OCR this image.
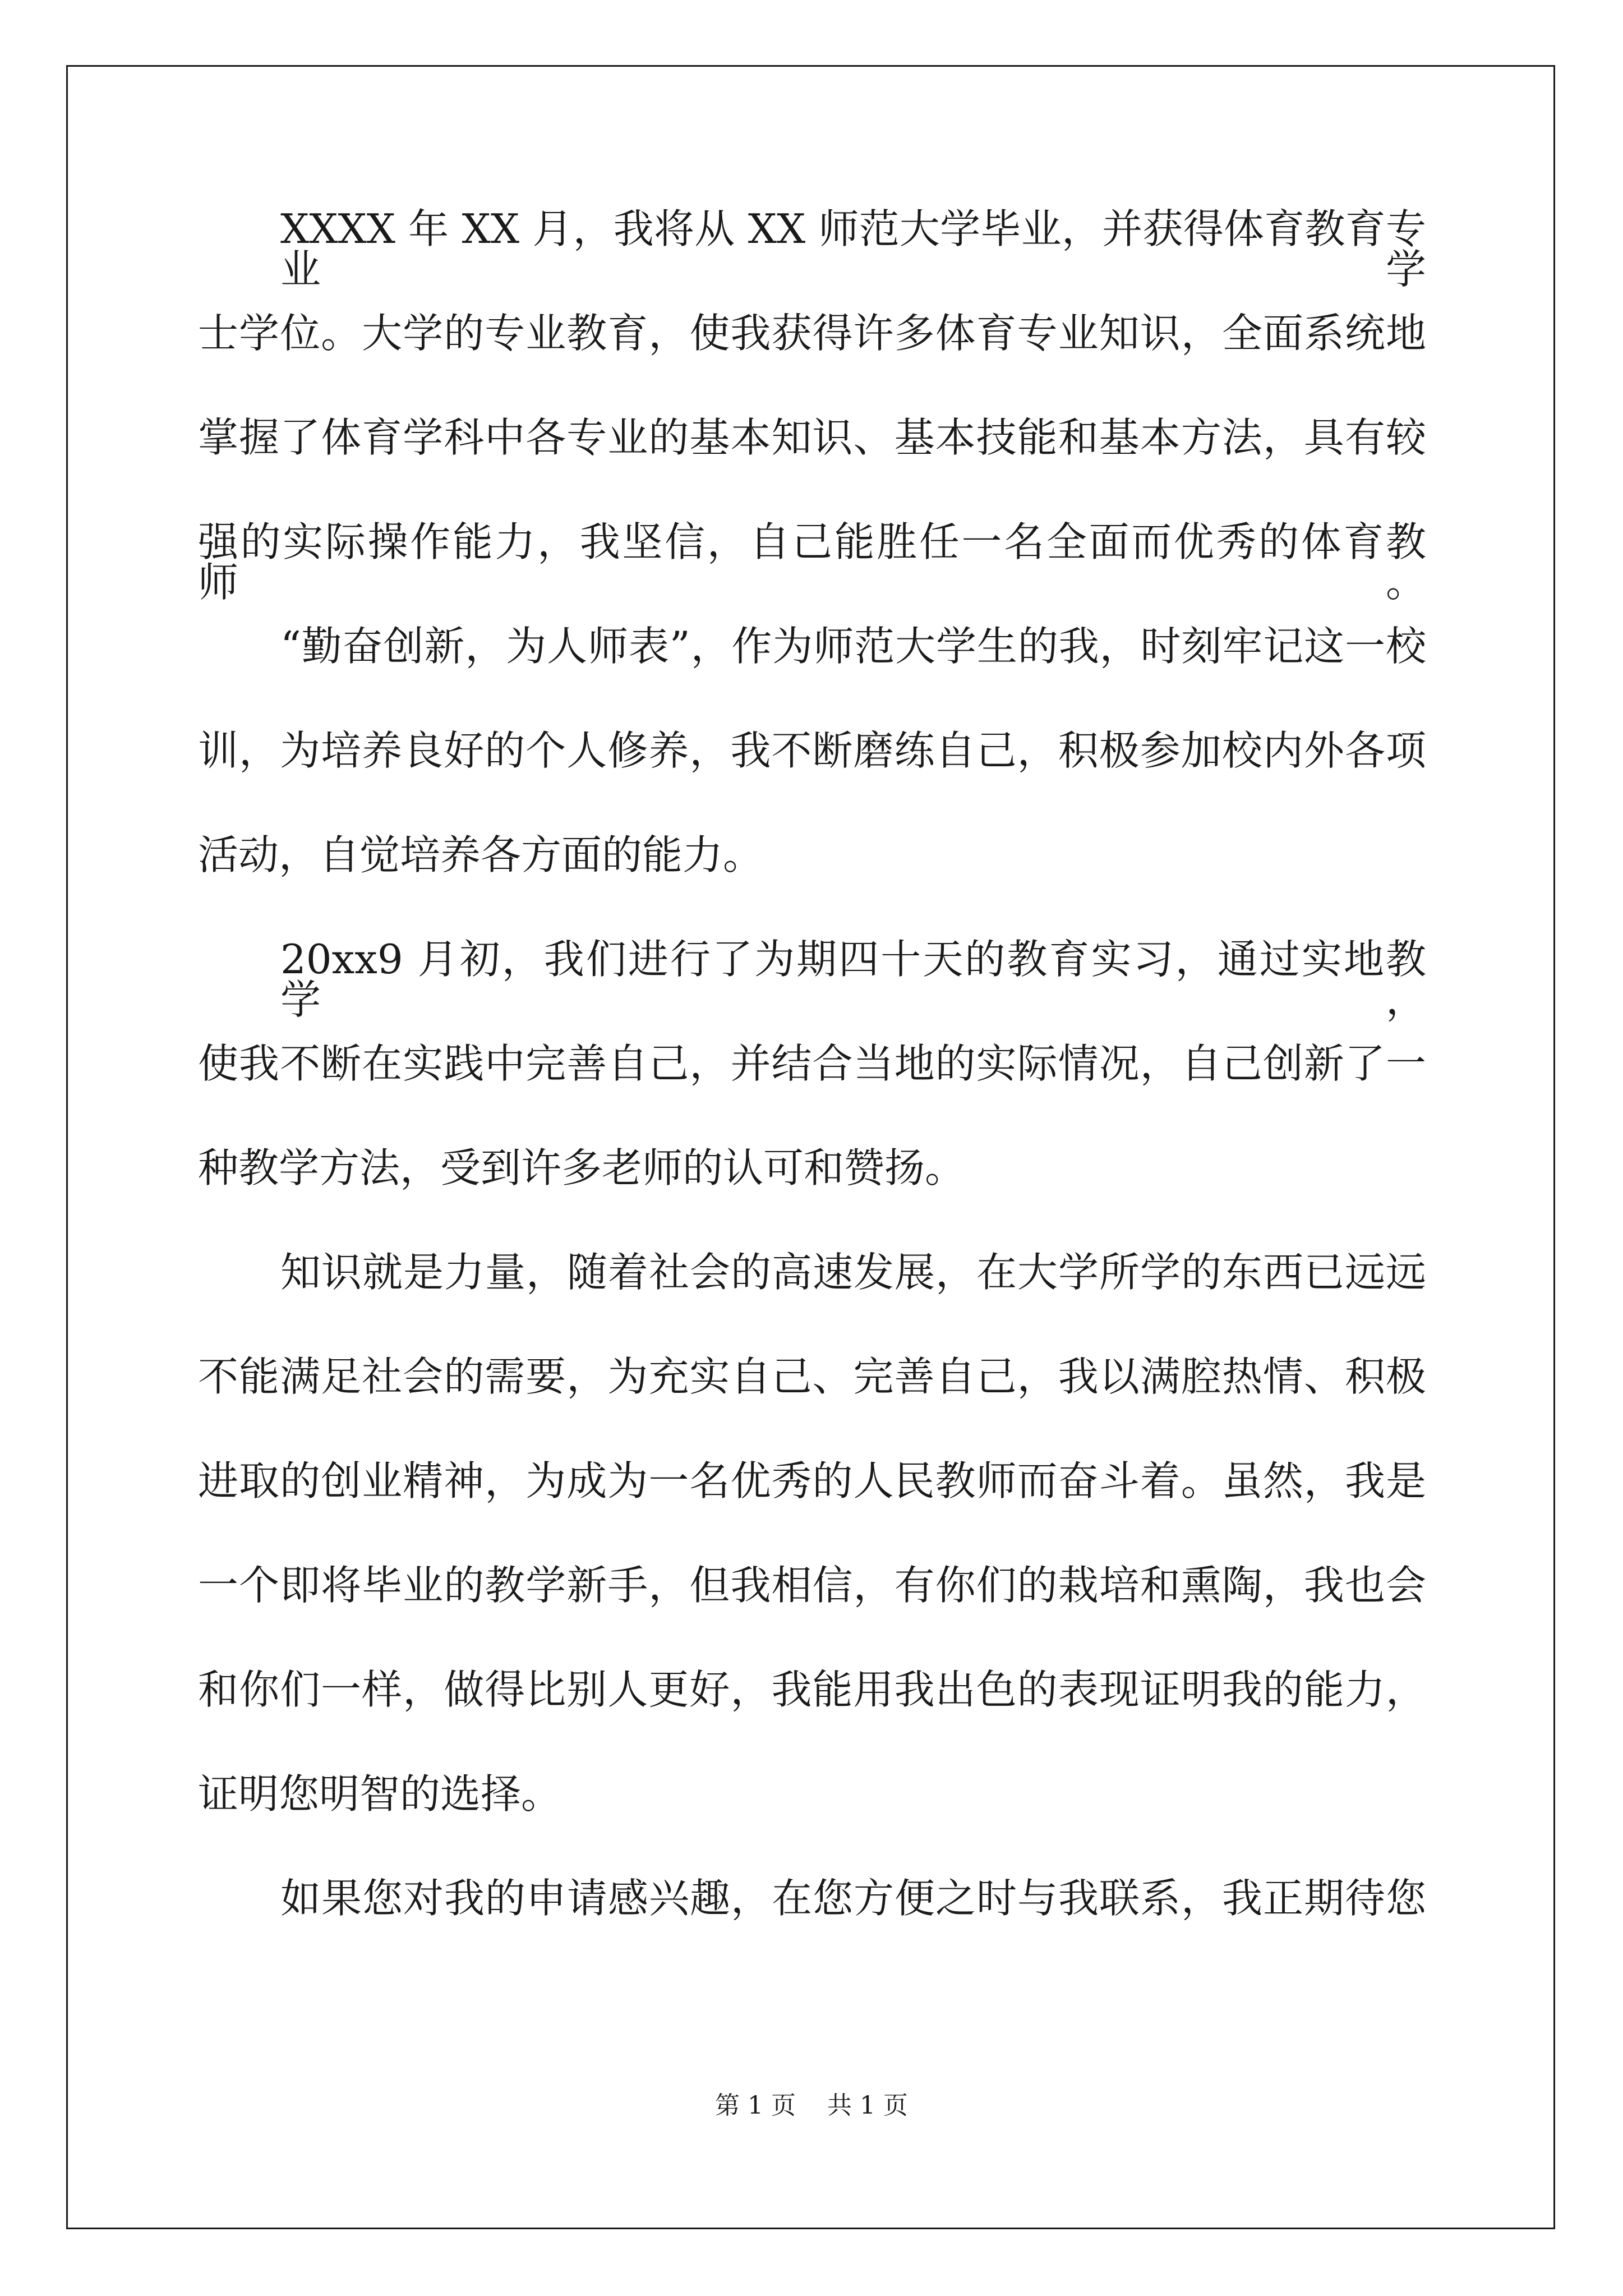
XXXX 年 XX 月，我将从 XX 师范大学毕业，并获得体育教育专业学
士学位。大学的专业教育，使我获得许多体育专业知识，全面系统地
掌握了体育学科中各专业的基本知识、基本技能和基本方法，具有较
强的实际操作能力，我坚信，自己能胜任一名全面而优秀的体育教师。
“勤奋创新，为人师表”，作为师范大学生的我，时刻牢记这一校
训，为培养良好的个人修养，我不断磨练自己，积极参加校内外各项
活动，自觉培养各方面的能力。
20xx9 月初，我们进行了为期四十天的教育实习，通过实地教学，
使我不断在实践中完善自己，并结合当地的实际情况，自己创新了一
种教学方法，受到许多老师的认可和赞扬。
知识就是力量，随着社会的高速发展，在大学所学的东西已远远
不能满足社会的需要，为充实自己、完善自己，我以满腔热情、积极
进取的创业精神，为成为一名优秀的人民教师而奋斗着。虽然，我是
一个即将毕业的教学新手，但我相信，有你们的栽培和熏陶，我也会
和你们一样，做得比别人更好，我能用我出色的表现证明我的能力，
证明您明智的选择。
如果您对我的申请感兴趣，在您方便之时与我联系，我正期待您
第 1 页    共 1 页
